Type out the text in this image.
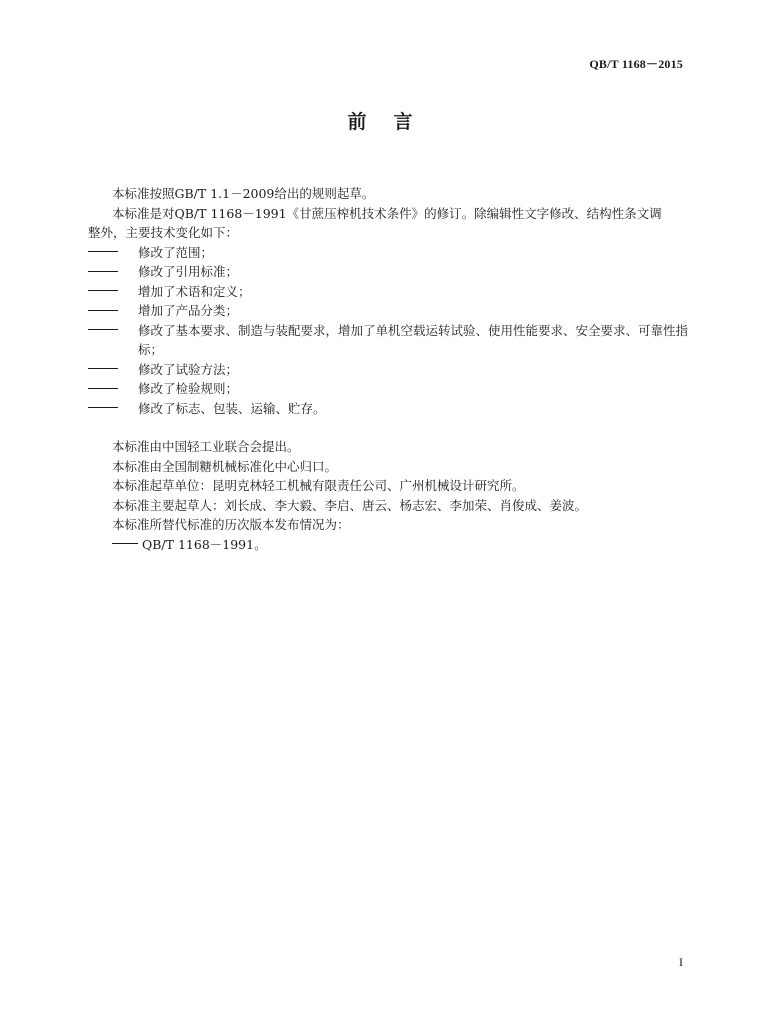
QB/T 1168－2015
前 言

本标准按照GB/T 1.1－2009给出的规则起草。

本标准是对QB/T 1168－1991《甘蔗压榨机技术条件》的修订。除编辑性文字修改、结构性条文调

整外，主要技术变化如下：

修改了范围；
修改了引用标准；
增加了术语和定义；
增加了产品分类；
修改了基本要求、制造与装配要求，增加了单机空载运转试验、使用性能要求、安全要求、可靠性指标；
修改了试验方法；
修改了检验规则；
修改了标志、包装、运输、贮存。

本标准由中国轻工业联合会提出。

本标准由全国制糖机械标准化中心归口。

本标准起草单位：昆明克林轻工机械有限责任公司、广州机械设计研究所。

本标准主要起草人：刘长成、李大毅、李启、唐云、杨志宏、李加荣、肖俊成、姜波。

本标准所替代标准的历次版本发布情况为：

QB/T 1168－1991。
I
